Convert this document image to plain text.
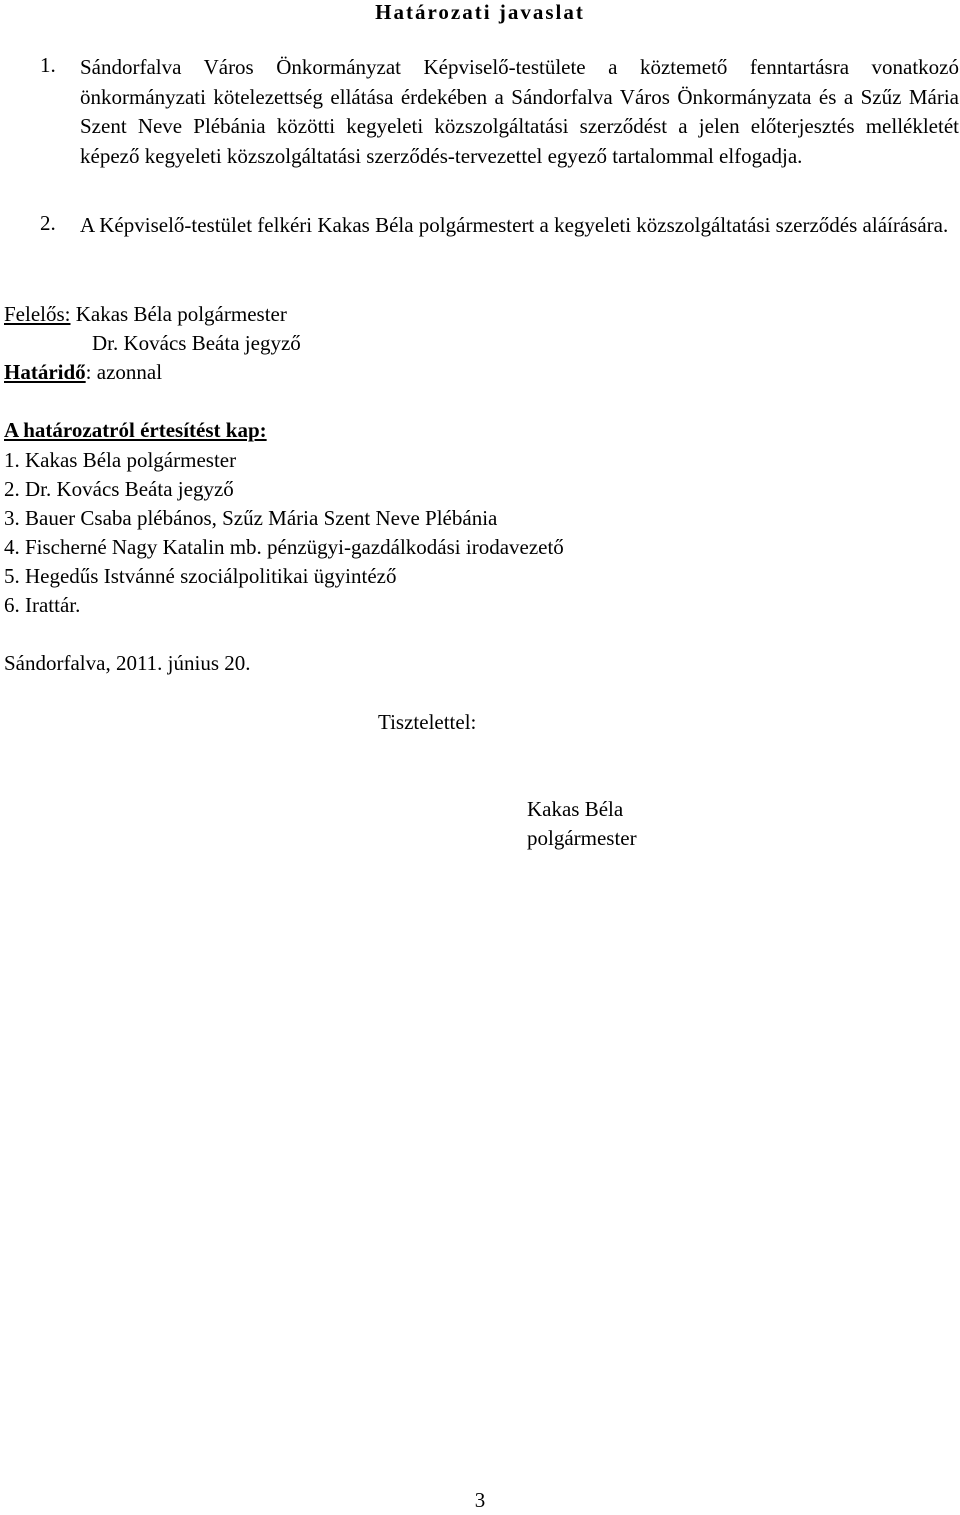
Határozati javaslat
1.	Sándorfalva Város Önkormányzat Képviselő-testülete a köztemető fenntartásra vonatkozó önkormányzati kötelezettség ellátása érdekében a Sándorfalva Város Önkormányzata és a Szűz Mária Szent Neve Plébánia közötti kegyeleti közszolgáltatási szerződést a jelen előterjesztés mellékletét képező kegyeleti közszolgáltatási szerződés-tervezettel egyező tartalommal elfogadja.
2.	A Képviselő-testület felkéri Kakas Béla polgármestert a kegyeleti közszolgáltatási szerződés aláírására.
Felelős: Kakas Béla polgármester
Dr. Kovács Beáta jegyző
Határidő: azonnal
A határozatról értesítést kap:
1. Kakas Béla polgármester
2. Dr. Kovács Beáta jegyző
3. Bauer Csaba plébános, Szűz Mária Szent Neve Plébánia
4. Fischerné Nagy Katalin mb. pénzügyi-gazdálkodási irodavezető
5. Hegedűs Istvánné szociálpolitikai ügyintéző
6. Irattár.
Sándorfalva, 2011. június 20.
Tisztelettel:
Kakas Béla
polgármester
3
